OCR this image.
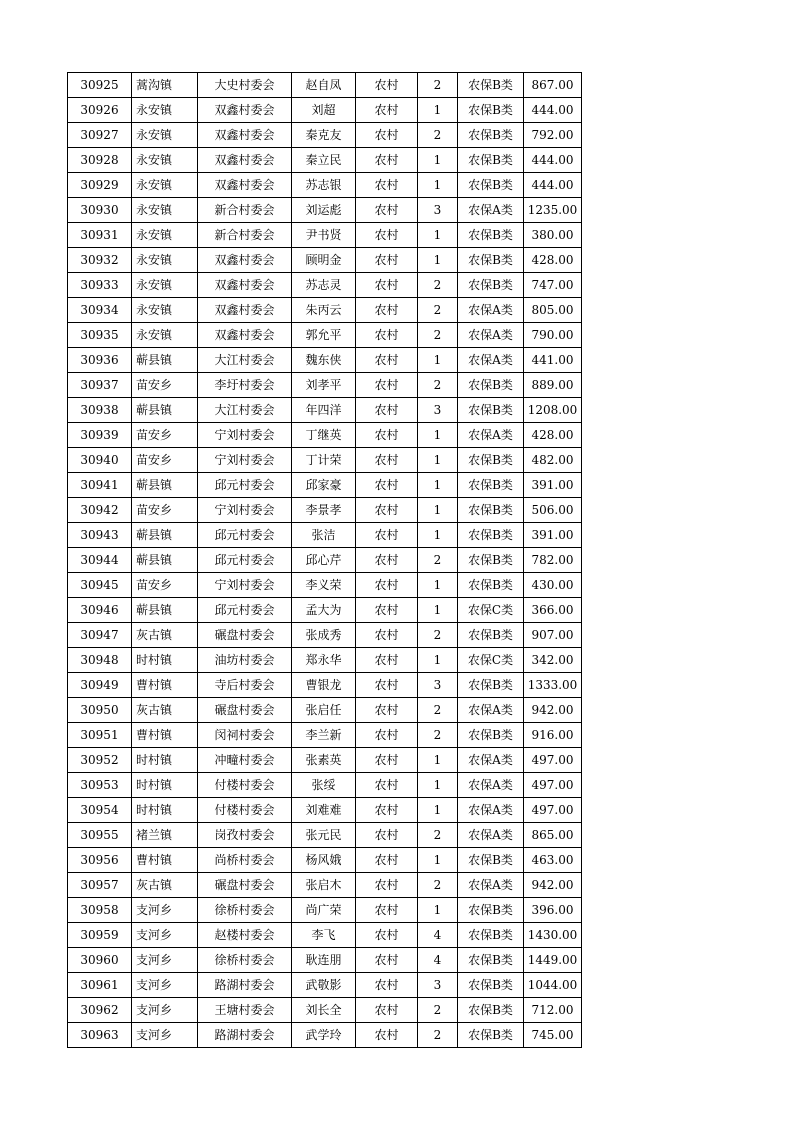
30925	蒿沟镇	大史村委会	赵自凤	农村	2	农保B类	867.00
30926	永安镇	双鑫村委会	刘超	农村	1	农保B类	444.00
30927	永安镇	双鑫村委会	秦克友	农村	2	农保B类	792.00
30928	永安镇	双鑫村委会	秦立民	农村	1	农保B类	444.00
30929	永安镇	双鑫村委会	苏志银	农村	1	农保B类	444.00
30930	永安镇	新合村委会	刘运彪	农村	3	农保A类	1235.00
30931	永安镇	新合村委会	尹书贤	农村	1	农保B类	380.00
30932	永安镇	双鑫村委会	顾明金	农村	1	农保B类	428.00
30933	永安镇	双鑫村委会	苏志灵	农村	2	农保B类	747.00
30934	永安镇	双鑫村委会	朱丙云	农村	2	农保A类	805.00
30935	永安镇	双鑫村委会	郭允平	农村	2	农保A类	790.00
30936	蕲县镇	大江村委会	魏东侠	农村	1	农保A类	441.00
30937	苗安乡	李圩村委会	刘孝平	农村	2	农保B类	889.00
30938	蕲县镇	大江村委会	年四洋	农村	3	农保B类	1208.00
30939	苗安乡	宁刘村委会	丁继英	农村	1	农保A类	428.00
30940	苗安乡	宁刘村委会	丁计荣	农村	1	农保B类	482.00
30941	蕲县镇	邱元村委会	邱家豪	农村	1	农保B类	391.00
30942	苗安乡	宁刘村委会	李景孝	农村	1	农保B类	506.00
30943	蕲县镇	邱元村委会	张洁	农村	1	农保B类	391.00
30944	蕲县镇	邱元村委会	邱心芹	农村	2	农保B类	782.00
30945	苗安乡	宁刘村委会	李义荣	农村	1	农保B类	430.00
30946	蕲县镇	邱元村委会	孟大为	农村	1	农保C类	366.00
30947	灰古镇	碾盘村委会	张成秀	农村	2	农保B类	907.00
30948	时村镇	油坊村委会	郑永华	农村	1	农保C类	342.00
30949	曹村镇	寺后村委会	曹银龙	农村	3	农保B类	1333.00
30950	灰古镇	碾盘村委会	张启任	农村	2	农保A类	942.00
30951	曹村镇	闵祠村委会	李兰新	农村	2	农保B类	916.00
30952	时村镇	冲疃村委会	张素英	农村	1	农保A类	497.00
30953	时村镇	付楼村委会	张绥	农村	1	农保A类	497.00
30954	时村镇	付楼村委会	刘难难	农村	1	农保A类	497.00
30955	褚兰镇	岗孜村委会	张元民	农村	2	农保A类	865.00
30956	曹村镇	尚桥村委会	杨风娥	农村	1	农保B类	463.00
30957	灰古镇	碾盘村委会	张启木	农村	2	农保A类	942.00
30958	支河乡	徐桥村委会	尚广荣	农村	1	农保B类	396.00
30959	支河乡	赵楼村委会	李飞	农村	4	农保B类	1430.00
30960	支河乡	徐桥村委会	耿连朋	农村	4	农保B类	1449.00
30961	支河乡	路湖村委会	武敬影	农村	3	农保B类	1044.00
30962	支河乡	王塘村委会	刘长全	农村	2	农保B类	712.00
30963	支河乡	路湖村委会	武学玲	农村	2	农保B类	745.00
